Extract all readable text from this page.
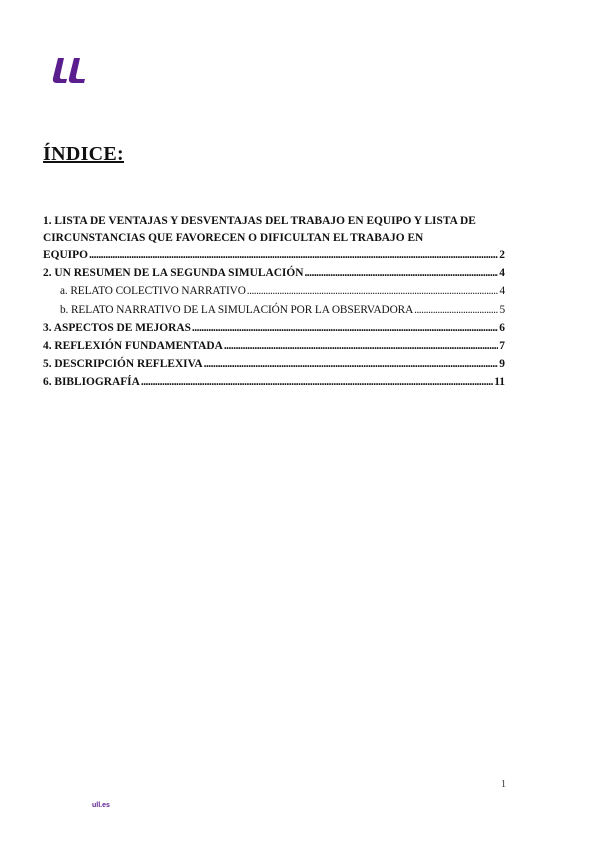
ÍNDICE:
1. LISTA DE VENTAJAS Y DESVENTAJAS DEL TRABAJO EN EQUIPO Y LISTA DE CIRCUNSTANCIAS QUE FAVORECEN O DIFICULTAN EL TRABAJO EN
EQUIPO .....	2
2. UN RESUMEN DE LA SEGUNDA SIMULACIÓN .....	4
a. RELATO COLECTIVO NARRATIVO .....	4
b. RELATO NARRATIVO DE LA SIMULACIÓN POR LA OBSERVADORA .....	5
3. ASPECTOS DE MEJORAS .....	6
4. REFLEXIÓN FUNDAMENTADA .....	7
5. DESCRIPCIÓN REFLEXIVA .....	9
6. BIBLIOGRAFÍA .....	11
1
ull.es
